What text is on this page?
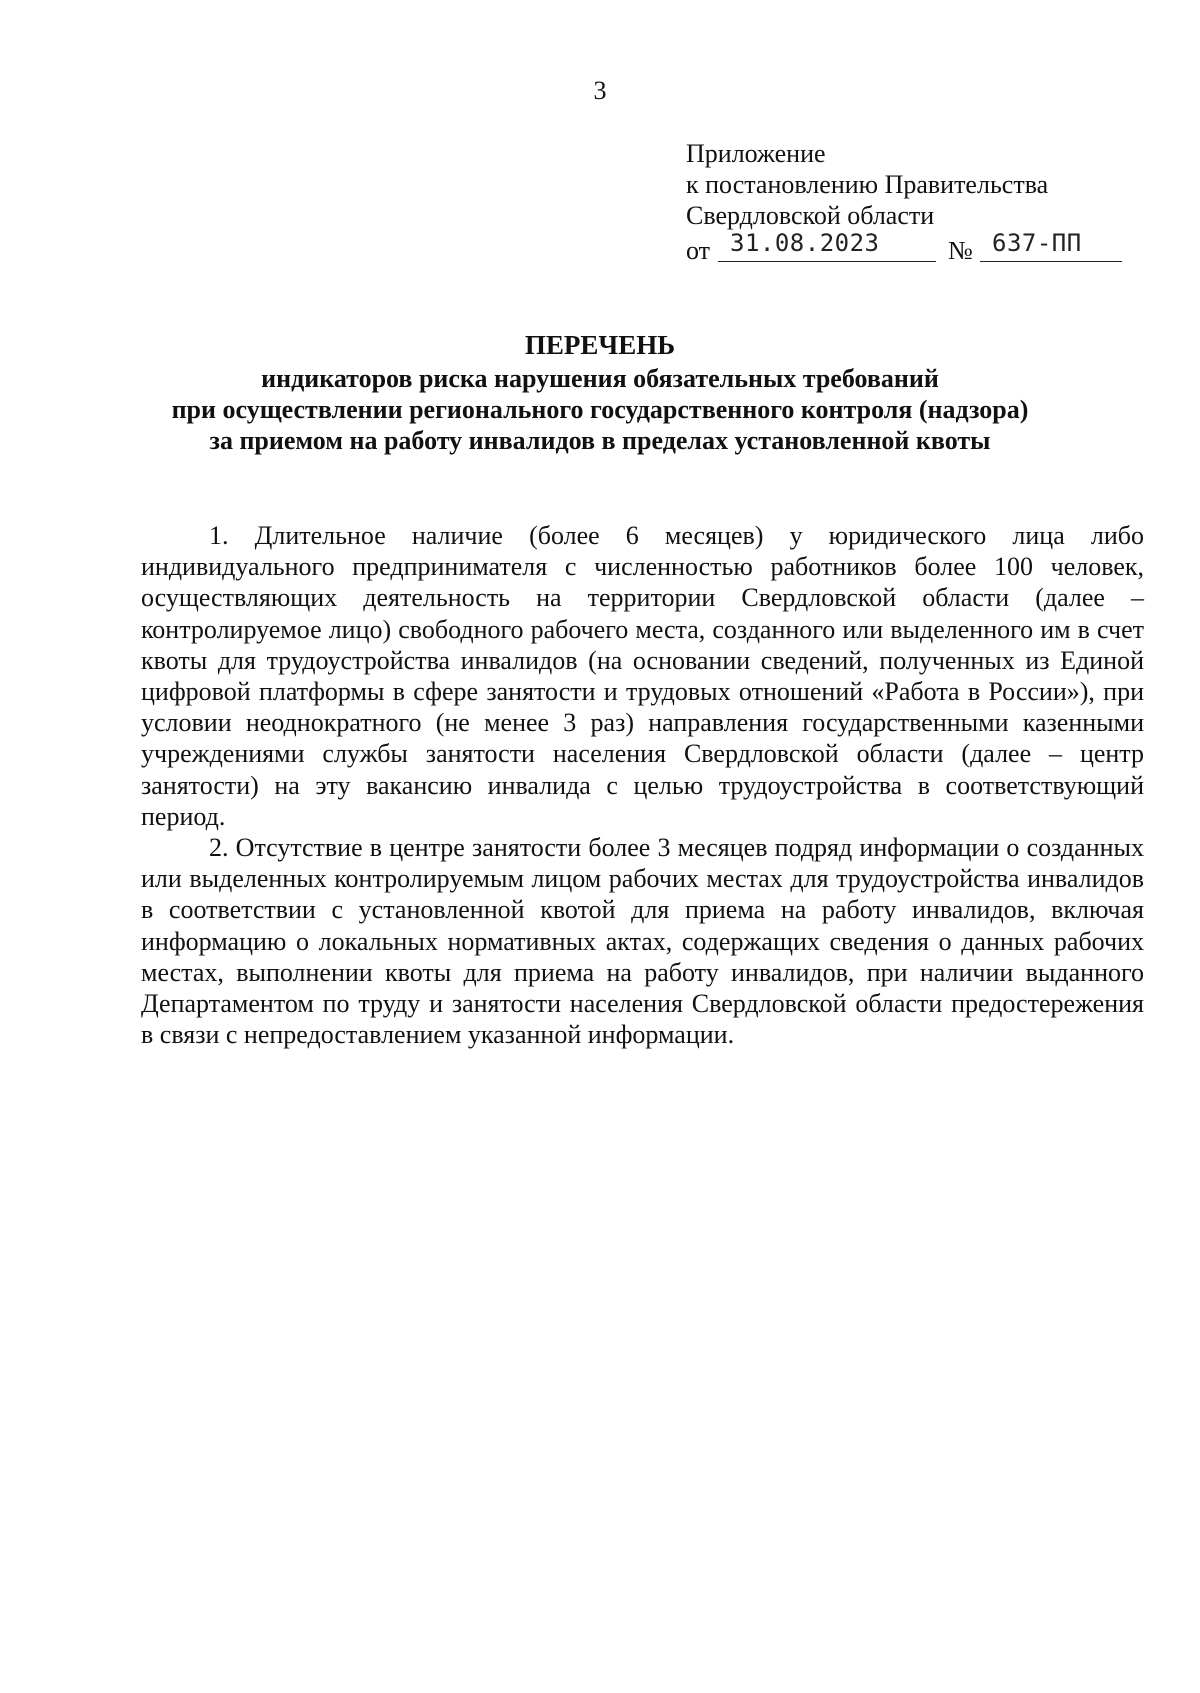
3
Приложение
к постановлению Правительства
Свердловской области
от 31.08.2023	№ 637-ПП
ПЕРЕЧЕНЬ
индикаторов риска нарушения обязательных требований
при осуществлении регионального государственного контроля (надзора)
за приемом на работу инвалидов в пределах установленной квоты

1. Длительное наличие (более 6 месяцев) у юридического лица либо индивидуального предпринимателя с численностью работников более 100 человек, осуществляющих деятельность на территории Свердловской области (далее – контролируемое лицо) свободного рабочего места, созданного или выделенного им в счет квоты для трудоустройства инвалидов (на основании сведений, полученных из Единой цифровой платформы в сфере занятости и трудовых отношений «Работа в России»), при условии неоднократного (не менее 3 раз) направления государственными казенными учреждениями службы занятости населения Свердловской области (далее – центр занятости) на эту вакансию инвалида с целью трудоустройства в соответствующий период.

2. Отсутствие в центре занятости более 3 месяцев подряд информации о созданных или выделенных контролируемым лицом рабочих местах для трудоустройства инвалидов в соответствии с установленной квотой для приема на работу инвалидов, включая информацию о локальных нормативных актах, содержащих сведения о данных рабочих местах, выполнении квоты для приема на работу инвалидов, при наличии выданного Департаментом по труду и занятости населения Свердловской области предостережения в связи с непредоставлением указанной информации.
